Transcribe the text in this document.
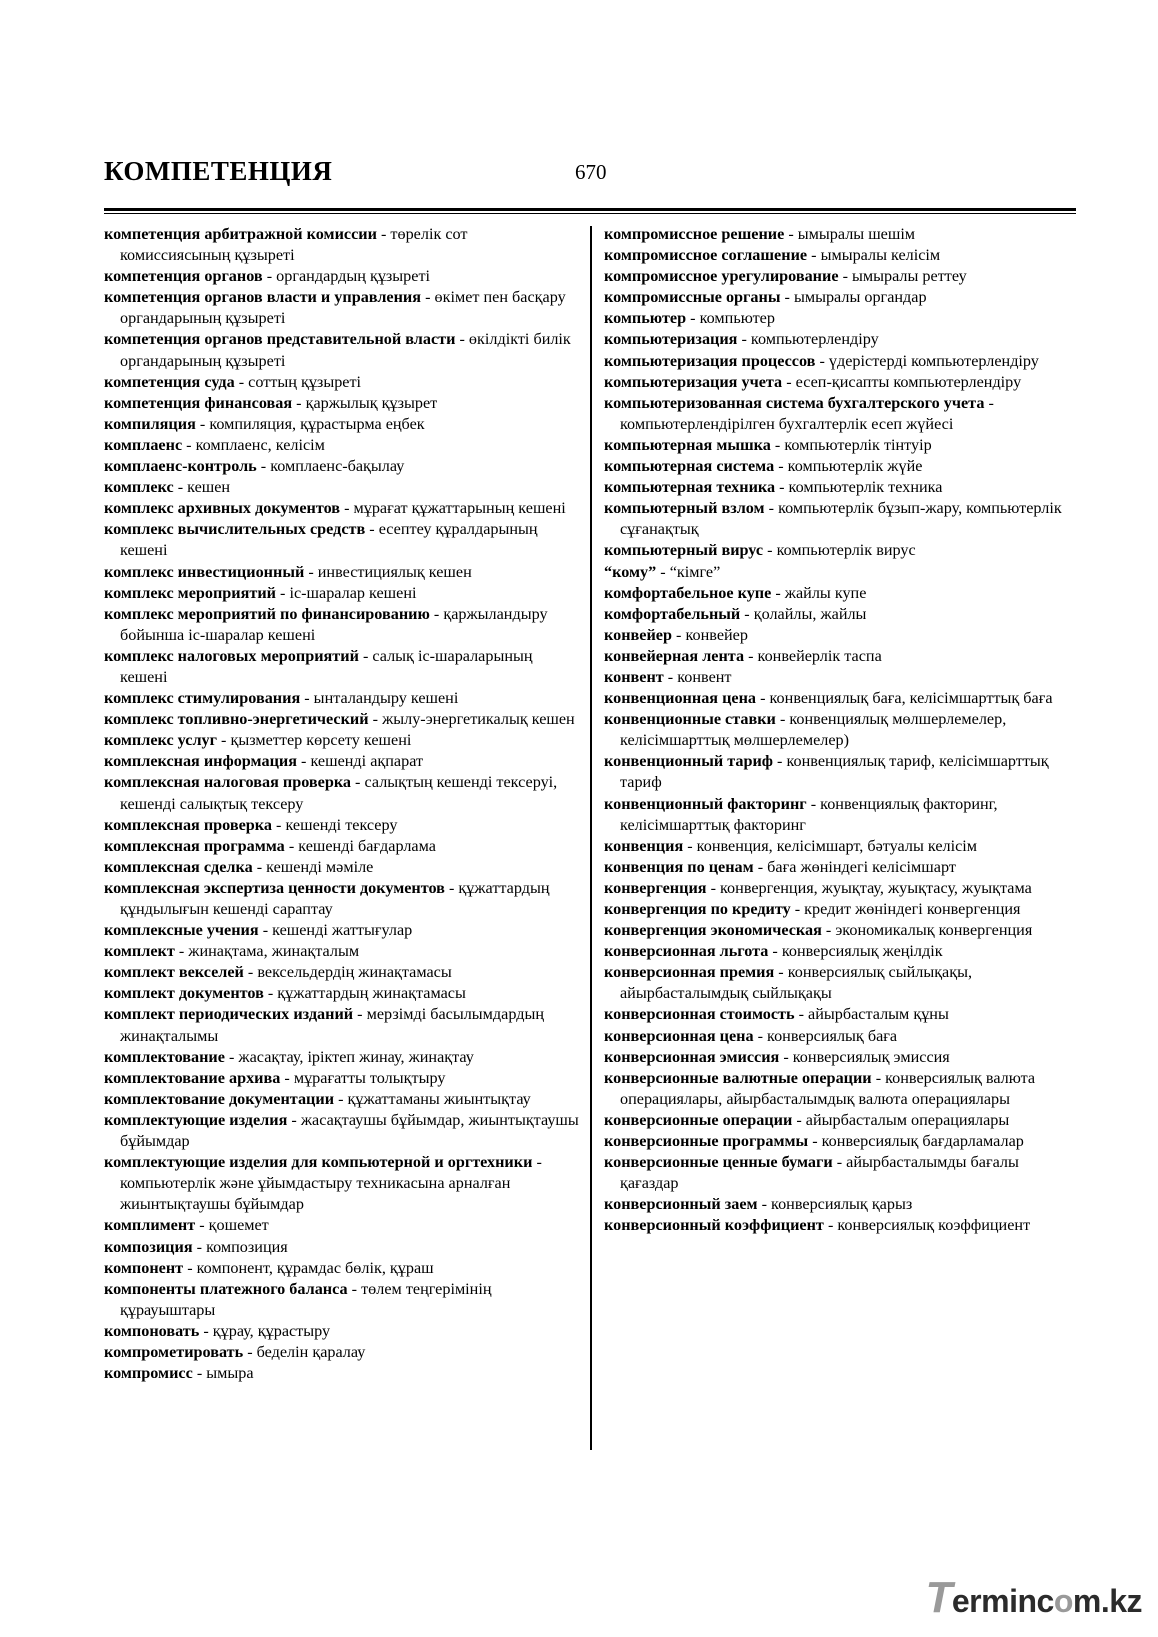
КОМПЕТЕНЦИЯ	670

компетенция арбитражной комиссии - төрелік сот комиссиясының құзыреті

компетенция органов - органдардың құзыреті

компетенция органов власти и управления - өкімет пен басқару органдарының құзыреті

компетенция органов представительной власти - өкілдікті билік органдарының құзыреті

компетенция суда - соттың құзыреті

компетенция финансовая - қаржылық құзырет

компиляция - компиляция, құрастырма еңбек

комплаенс - комплаенс, келісім

комплаенс-контроль - комплаенс-бақылау

комплекс - кешен

комплекс архивных документов - мұрағат құжаттарының кешені

комплекс вычислительных средств - есептеу құралдарының кешені

комплекс инвестиционный - инвестициялық кешен

комплекс мероприятий - іс-шаралар кешені

комплекс мероприятий по финансированию - қаржыландыру бойынша іс-шаралар кешені

комплекс налоговых мероприятий - салық іс-шараларының кешені

комплекс стимулирования - ынталандыру кешені

комплекс топливно-энергетический - жылу-энергетикалық кешен

комплекс услуг - қызметтер көрсету кешені

комплексная информация - кешенді ақпарат

комплексная налоговая проверка - салықтың кешенді тексеруі, кешенді салықтық тексеру

комплексная проверка - кешенді тексеру

комплексная программа - кешенді бағдарлама

комплексная сделка - кешенді мәміле

комплексная экспертиза ценности документов - құжаттардың құндылығын кешенді сараптау

комплексные учения - кешенді жаттығулар

комплект - жинақтама, жинақталым

комплект векселей - вексельдердің жинақтамасы

комплект документов - құжаттардың жинақтамасы

комплект периодических изданий - мерзімді басылымдардың жинақталымы

комплектование - жасақтау, іріктеп жинау, жинақтау

комплектование архива - мұрағатты толықтыру

комплектование документации - құжаттаманы жиынтықтау

комплектующие изделия - жасақтаушы бұйымдар, жиынтықтаушы бұйымдар

комплектующие изделия для компьютерной и оргтехники - компьютерлік және ұйымдастыру техникасына арналған жиынтықтаушы бұйымдар

комплимент - қошемет

композиция - композиция

компонент - компонент, құрамдас бөлік, құраш

компоненты платежного баланса - төлем теңгерімінің құрауыштары

компоновать - құрау, құрастыру

компрометировать - беделін қаралау

компромисс - ымыра

компромиссное решение - ымыралы шешім

компромиссное соглашение - ымыралы келісім

компромиссное урегулирование - ымыралы реттеу

компромиссные органы - ымыралы органдар

компьютер - компьютер

компьютеризация - компьютерлендіру

компьютеризация процессов - үдерістерді компьютерлендіру

компьютеризация учета - есеп-қисапты компьютерлендіру

компьютеризованная система бухгалтерского учета - компьютерлендірілген бухгалтерлік есеп жүйесі

компьютерная мышка - компьютерлік тінтуір

компьютерная система - компьютерлік жүйе

компьютерная техника - компьютерлік техника

компьютерный взлом - компьютерлік бұзып-жару, компьютерлік сұғанақтық

компьютерный вирус - компьютерлік вирус

“кому” - “кімге”

комфортабельное купе - жайлы купе

комфортабельный - қолайлы, жайлы

конвейер - конвейер

конвейерная лента - конвейерлік таспа

конвент - конвент

конвенционная цена - конвенциялық баға, келісімшарттық баға

конвенционные ставки - конвенциялық мөлшерлемелер, келісімшарттық мөлшерлемелер)

конвенционный тариф - конвенциялық тариф, келісімшарттық тариф

конвенционный факторинг - конвенциялық факторинг, келісімшарттық факторинг

конвенция - конвенция, келісімшарт, бәтуалы келісім

конвенция по ценам - баға жөніндегі келісімшарт

конвергенция - конвергенция, жуықтау, жуықтасу, жуықтама

конвергенция по кредиту - кредит жөніндегі конвергенция

конвергенция экономическая - экономикалық конвергенция

конверсионная льгота - конверсиялық жеңілдік

конверсионная премия - конверсиялық сыйлықақы, айырбасталымдық сыйлықақы

конверсионная стоимость - айырбасталым құны

конверсионная цена - конверсиялық баға

конверсионная эмиссия - конверсиялық эмиссия

конверсионные валютные операции - конверсиялық валюта операциялары, айырбасталымдық валюта операциялары

конверсионные операции - айырбасталым операциялары

конверсионные программы - конверсиялық бағдарламалар

конверсионные ценные бумаги - айырбасталымды бағалы қағаздар

конверсионный заем - конверсиялық қарыз

конверсионный коэффициент - конверсиялық коэффициент

Termincom.kz
